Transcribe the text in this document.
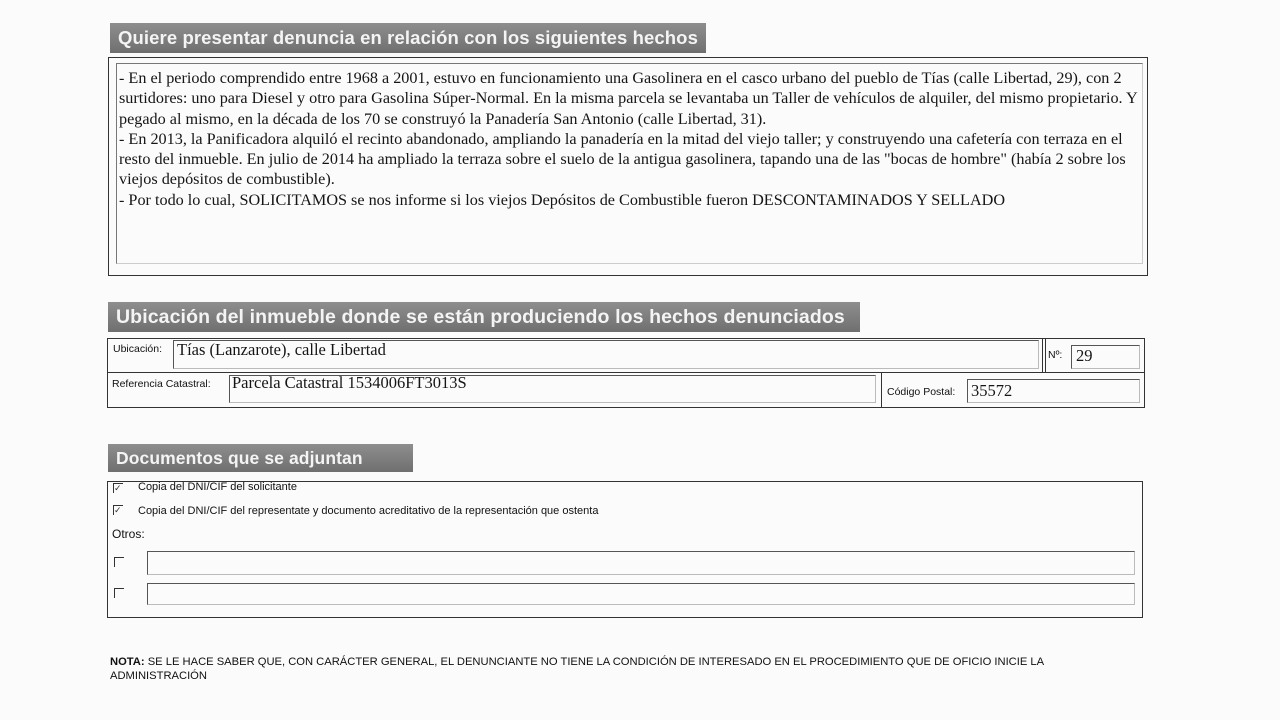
Quiere presentar denuncia en relación con los siguientes hechos

- En el periodo comprendido entre 1968 a 2001, estuvo en funcionamiento una Gasolinera en el casco urbano del pueblo de Tías (calle Libertad, 29), con 2 surtidores: uno para Diesel y otro para Gasolina Súper-Normal. En la misma parcela se levantaba un Taller de vehículos de alquiler, del mismo propietario. Y pegado al mismo, en la década de los 70 se construyó la Panadería San Antonio (calle Libertad, 31).

- En 2013, la Panificadora alquiló el recinto abandonado, ampliando la panadería en la mitad del viejo taller; y construyendo una cafetería con terraza en el resto del inmueble. En julio de 2014 ha ampliado la terraza sobre el suelo de la antigua gasolinera, tapando una de las "bocas de hombre" (había 2 sobre los viejos depósitos de combustible).

- Por todo lo cual, SOLICITAMOS se nos informe si los viejos Depósitos de Combustible fueron DESCONTAMINADOS Y SELLADO

Ubicación del inmueble donde se están produciendo los hechos denunciados
Ubicación: Tías (Lanzarote), calle Libertad	Nº: 29
Referencia Catastral: Parcela Catastral 1534006FT3013S	Código Postal: 35572
Documentos que se adjuntan
✓ Copia del DNI/CIF del solicitante
✓ Copia del DNI/CIF del representate y documento acreditativo de la representación que ostenta
Otros:
NOTA: SE LE HACE SABER QUE, CON CARÁCTER GENERAL, EL DENUNCIANTE NO TIENE LA CONDICIÓN DE INTERESADO EN EL PROCEDIMIENTO QUE DE OFICIO INICIE LA ADMINISTRACIÓN
